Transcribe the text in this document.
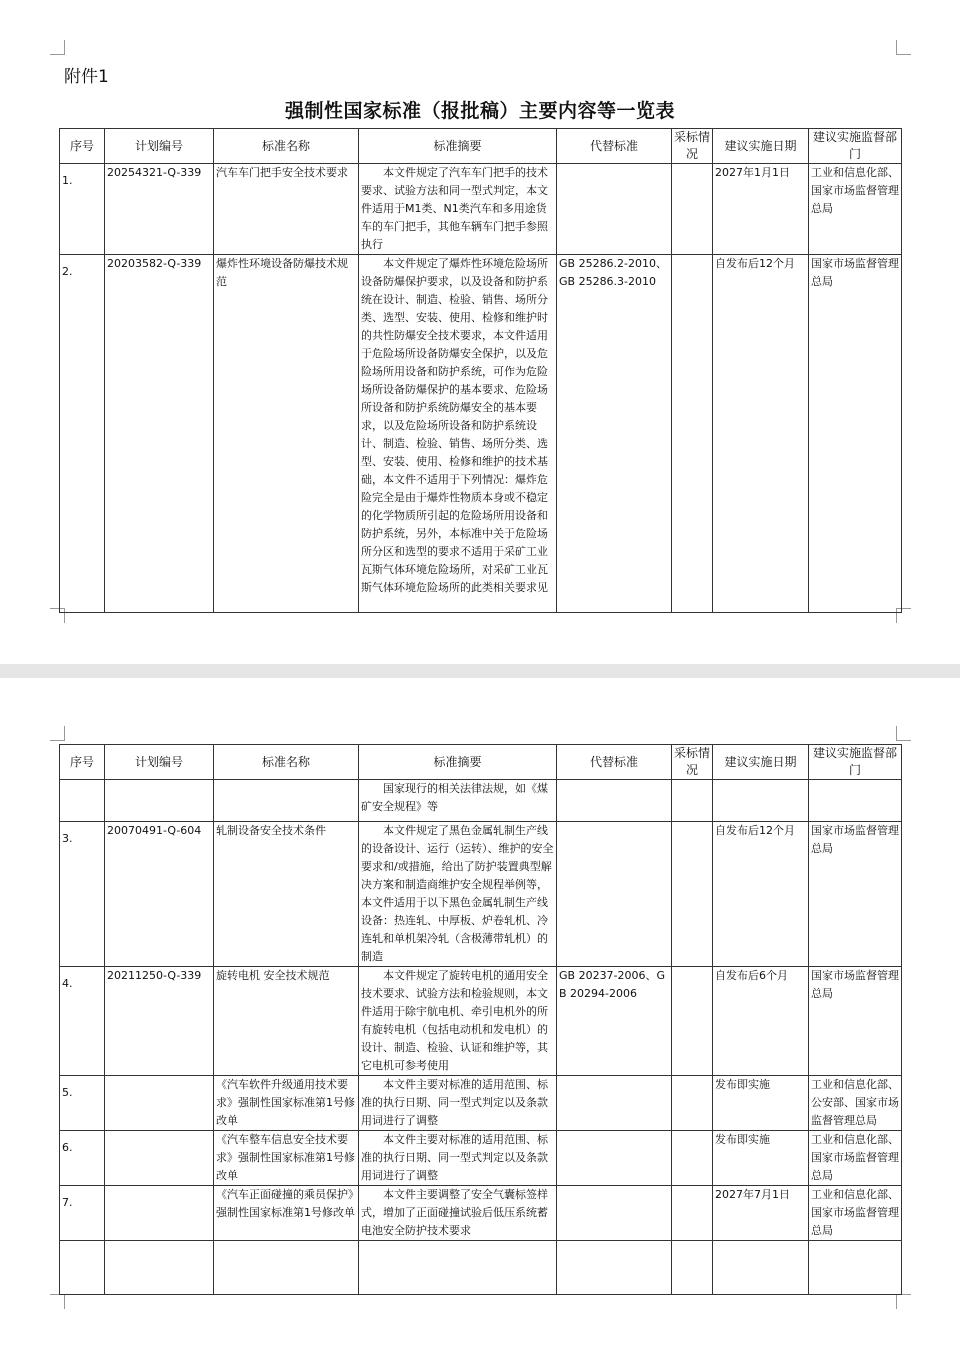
附件1
强制性国家标准（报批稿）主要内容等一览表
序号	计划编号	标准名称	标准摘要	代替标准	采标情况	建议实施日期	建议实施监督部门

1.	20254321-Q-339	汽车车门把手安全技术要求	本文件规定了汽车车门把手的技术要求、试验方法和同一型式判定，本文件适用于M1类、N1类汽车和多用途货车的车门把手，其他车辆车门把手参照执行			2027年1月1日	工业和信息化部、国家市场监督管理总局

2.	20203582-Q-339	爆炸性环境设备防爆技术规范	本文件规定了爆炸性环境危险场所设备防爆保护要求，以及设备和防护系统在设计、制造、检验、销售、场所分类、选型、安装、使用、检修和维护时的共性防爆安全技术要求，本文件适用于危险场所设备防爆安全保护，以及危险场所用设备和防护系统，可作为危险场所设备防爆保护的基本要求、危险场所设备和防护系统防爆安全的基本要求，以及危险场所设备和防护系统设计、制造、检验、销售、场所分类、选型、安装、使用、检修和维护的技术基础，本文件不适用于下列情况：爆炸危险完全是由于爆炸性物质本身或不稳定的化学物质所引起的危险场所用设备和防护系统，另外，本标准中关于危险场所分区和选型的要求不适用于采矿工业瓦斯气体环境危险场所，对采矿工业瓦斯气体环境危险场所的此类相关要求见	GB 25286.2-2010、GB 25286.3-2010		自发布后12个月	国家市场监督管理总局
序号	计划编号	标准名称	标准摘要	代替标准	采标情况	建议实施日期	建议实施监督部门

			国家现行的相关法律法规，如《煤矿安全规程》等				

3.	20070491-Q-604	轧制设备安全技术条件	本文件规定了黑色金属轧制生产线的设备设计、运行（运转）、维护的安全要求和/或措施，给出了防护装置典型解决方案和制造商维护安全规程举例等，本文件适用于以下黑色金属轧制生产线设备：热连轧、中厚板、炉卷轧机、冷连轧和单机架冷轧（含极薄带轧机）的制造			自发布后12个月	国家市场监督管理总局

4.	20211250-Q-339	旋转电机 安全技术规范	本文件规定了旋转电机的通用安全技术要求、试验方法和检验规则，本文件适用于除宇航电机、牵引电机外的所有旋转电机（包括电动机和发电机）的设计、制造、检验、认证和维护等，其它电机可参考使用	GB 20237-2006、GB 20294-2006		自发布后6个月	国家市场监督管理总局

5.		《汽车软件升级通用技术要求》强制性国家标准第1号修改单	本文件主要对标准的适用范围、标准的执行日期、同一型式判定以及条款用词进行了调整			发布即实施	工业和信息化部、公安部、国家市场监督管理总局

6.		《汽车整车信息安全技术要求》强制性国家标准第1号修改单	本文件主要对标准的适用范围、标准的执行日期、同一型式判定以及条款用词进行了调整			发布即实施	工业和信息化部、国家市场监督管理总局

7.		《汽车正面碰撞的乘员保护》强制性国家标准第1号修改单	本文件主要调整了安全气囊标签样式，增加了正面碰撞试验后低压系统蓄电池安全防护技术要求			2027年7月1日	工业和信息化部、国家市场监督管理总局
